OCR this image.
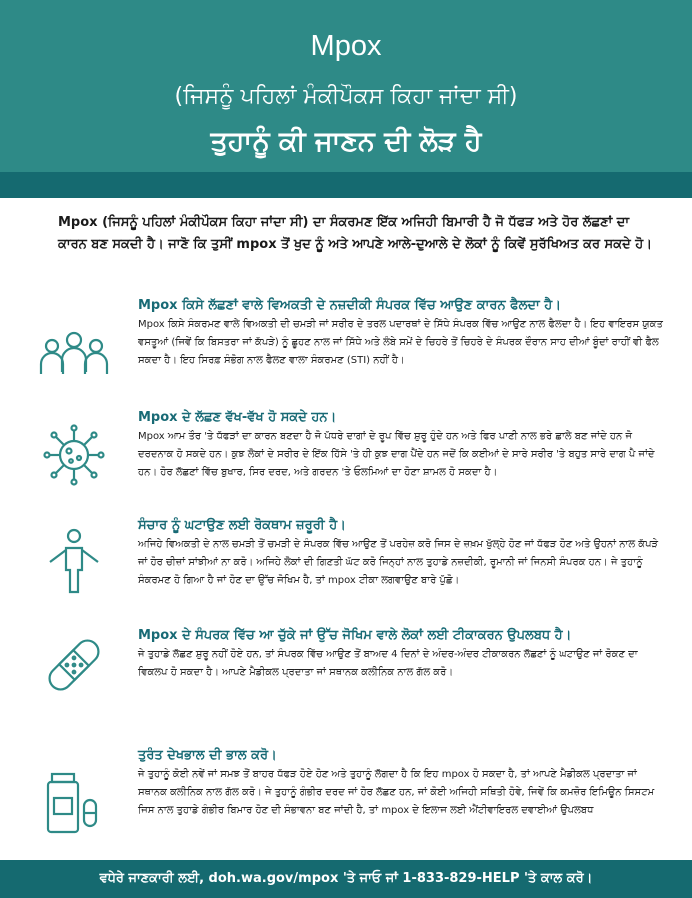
Mpox
(ਜਿਸਨੂੰ ਪਹਿਲਾਂ ਮੰਕੀਪੌਕਸ ਕਿਹਾ ਜਾਂਦਾ ਸੀ)
ਤੁਹਾਨੂੰ ਕੀ ਜਾਣਨ ਦੀ ਲੋੜ ਹੈ
Mpox (ਜਿਸਨੂੰ ਪਹਿਲਾਂ ਮੰਕੀਪੌਕਸ ਕਿਹਾ ਜਾਂਦਾ ਸੀ) ਦਾ ਸੰਕਰਮਣ ਇੱਕ ਅਜਿਹੀ ਬਿਮਾਰੀ ਹੈ ਜੋ ਧੱਫੜ ਅਤੇ ਹੋਰ ਲੱਛਣਾਂ ਦਾ ਕਾਰਨ ਬਣ ਸਕਦੀ ਹੈ। ਜਾਣੋ ਕਿ ਤੁਸੀਂ mpox ਤੋਂ ਖੁਦ ਨੂੰ ਅਤੇ ਆਪਣੇ ਆਲੇ-ਦੁਆਲੇ ਦੇ ਲੋਕਾਂ ਨੂੰ ਕਿਵੇਂ ਸੁਰੱਖਿਅਤ ਕਰ ਸਕਦੇ ਹੋ।
Mpox ਕਿਸੇ ਲੱਛਣਾਂ ਵਾਲੇ ਵਿਅਕਤੀ ਦੇ ਨਜ਼ਦੀਕੀ ਸੰਪਰਕ ਵਿੱਚ ਆਉਣ ਕਾਰਨ ਫੈਲਦਾ ਹੈ।
Mpox ਕਿਸੇ ਸੰਕਰਮਣ ਵਾਲੇ ਵਿਅਕਤੀ ਦੀ ਚਮੜੀ ਜਾਂ ਸਰੀਰ ਦੇ ਤਰਲ ਪਦਾਰਥਾਂ ਦੇ ਸਿੱਧੇ ਸੰਪਰਕ ਵਿੱਚ ਆਉਣ ਨਾਲ ਫੈਲਦਾ ਹੈ। ਇਹ ਵਾਇਰਸ ਯੁਕਤ ਵਸਤੂਆਂ (ਜਿਵੇਂ ਕਿ ਬਿਸਤਰਾ ਜਾਂ ਕੱਪੜੇ) ਨੂੰ ਛੂਹਣ ਨਾਲ ਜਾਂ ਸਿੱਧੇ ਅਤੇ ਲੰਬੇ ਸਮੇਂ ਦੇ ਚਿਹਰੇ ਤੋਂ ਚਿਹਰੇ ਦੇ ਸੰਪਰਕ ਦੌਰਾਨ ਸਾਹ ਦੀਆਂ ਬੂੰਦਾਂ ਰਾਹੀਂ ਵੀ ਫੈਲ ਸਕਦਾ ਹੈ। ਇਹ ਸਿਰਫ਼ ਸੰਭੋਗ ਨਾਲ ਫੈਲਣ ਵਾਲਾ ਸੰਕਰਮਣ (STI) ਨਹੀਂ ਹੈ।
Mpox ਦੇ ਲੱਛਣ ਵੱਖ-ਵੱਖ ਹੋ ਸਕਦੇ ਹਨ।
Mpox ਆਮ ਤੌਰ 'ਤੇ ਧੱਫੜਾਂ ਦਾ ਕਾਰਨ ਬਣਦਾ ਹੈ ਜੋ ਪੱਧਰੇ ਦਾਗਾਂ ਦੇ ਰੂਪ ਵਿੱਚ ਸ਼ੁਰੂ ਹੁੰਦੇ ਹਨ ਅਤੇ ਫਿਰ ਪਾਣੀ ਨਾਲ ਭਰੇ ਛਾਲੇ ਬਣ ਜਾਂਦੇ ਹਨ ਜੋ ਦਰਦਨਾਕ ਹੋ ਸਕਦੇ ਹਨ। ਕੁਝ ਲੋਕਾਂ ਦੇ ਸਰੀਰ ਦੇ ਇੱਕ ਹਿੱਸੇ 'ਤੇ ਹੀ ਕੁਝ ਦਾਗ ਪੈਂਦੇ ਹਨ ਜਦੋਂ ਕਿ ਕਈਆਂ ਦੇ ਸਾਰੇ ਸਰੀਰ 'ਤੇ ਬਹੁਤ ਸਾਰੇ ਦਾਗ ਪੈ ਜਾਂਦੇ ਹਨ। ਹੋਰ ਲੱਛਣਾਂ ਵਿੱਚ ਬੁਖਾਰ, ਸਿਰ ਦਰਦ, ਅਤੇ ਗਰਦਨ 'ਤੇ ਓਲਮਿਆਂ ਦਾ ਹੋਣਾ ਸ਼ਾਮਲ ਹੋ ਸਕਦਾ ਹੈ।
ਸੰਚਾਰ ਨੂੰ ਘਟਾਉਣ ਲਈ ਰੋਕਥਾਮ ਜ਼ਰੂਰੀ ਹੈ।
ਅਜਿਹੇ ਵਿਅਕਤੀ ਦੇ ਨਾਲ ਚਮੜੀ ਤੋਂ ਚਮੜੀ ਦੇ ਸੰਪਰਕ ਵਿੱਚ ਆਉਣ ਤੋਂ ਪਰਹੇਜ਼ ਕਰੋ ਜਿਸ ਦੇ ਜ਼ਖ਼ਮ ਖੁੱਲ੍ਹੇ ਹੋਣ ਜਾਂ ਧੱਫੜ ਹੋਣ ਅਤੇ ਉਹਨਾਂ ਨਾਲ ਕੱਪੜੇ ਜਾਂ ਹੋਰ ਚੀਜ਼ਾਂ ਸਾਂਝੀਆਂ ਨਾ ਕਰੋ। ਅਜਿਹੇ ਲੋਕਾਂ ਦੀ ਗਿਣਤੀ ਘੱਟ ਕਰੋ ਜਿਨ੍ਹਾਂ ਨਾਲ ਤੁਹਾਡੇ ਨਜ਼ਦੀਕੀ, ਰੂਮਾਨੀ ਜਾਂ ਜਿਨਸੀ ਸੰਪਰਕ ਹਨ। ਜੇ ਤੁਹਾਨੂੰ ਸੰਕਰਮਣ ਹੋ ਗਿਆ ਹੈ ਜਾਂ ਹੋਣ ਦਾ ਉੱਚ ਜੋਖਿਮ ਹੈ, ਤਾਂ mpox ਟੀਕਾ ਲਗਵਾਉਣ ਬਾਰੇ ਪੁੱਛੋ।
Mpox ਦੇ ਸੰਪਰਕ ਵਿੱਚ ਆ ਚੁੱਕੇ ਜਾਂ ਉੱਚ ਜੋਖਿਮ ਵਾਲੇ ਲੋਕਾਂ ਲਈ ਟੀਕਾਕਰਨ ਉਪਲਬਧ ਹੈ।
ਜੇ ਤੁਹਾਡੇ ਲੱਛਣ ਸ਼ੁਰੂ ਨਹੀਂ ਹੋਏ ਹਨ, ਤਾਂ ਸੰਪਰਕ ਵਿੱਚ ਆਉਣ ਤੋਂ ਬਾਅਦ 4 ਦਿਨਾਂ ਦੇ ਅੰਦਰ-ਅੰਦਰ ਟੀਕਾਕਰਨ ਲੱਛਣਾਂ ਨੂੰ ਘਟਾਉਣ ਜਾਂ ਰੋਕਣ ਦਾ ਵਿਕਲਪ ਹੋ ਸਕਦਾ ਹੈ। ਆਪਣੇ ਮੈਡੀਕਲ ਪ੍ਰਦਾਤਾ ਜਾਂ ਸਥਾਨਕ ਕਲੀਨਿਕ ਨਾਲ ਗੱਲ ਕਰੋ।
ਤੁਰੰਤ ਦੇਖਭਾਲ ਦੀ ਭਾਲ ਕਰੋ।
ਜੇ ਤੁਹਾਨੂੰ ਕੋਈ ਨਵੇਂ ਜਾਂ ਸਮਝ ਤੋਂ ਬਾਹਰ ਧੱਫੜ ਹੋਏ ਹੋਣ ਅਤੇ ਤੁਹਾਨੂੰ ਲੱਗਦਾ ਹੈ ਕਿ ਇਹ mpox ਹੋ ਸਕਦਾ ਹੈ, ਤਾਂ ਆਪਣੇ ਮੈਡੀਕਲ ਪ੍ਰਦਾਤਾ ਜਾਂ ਸਥਾਨਕ ਕਲੀਨਿਕ ਨਾਲ ਗੱਲ ਕਰੋ। ਜੇ ਤੁਹਾਨੂੰ ਗੰਭੀਰ ਦਰਦ ਜਾਂ ਹੋਰ ਲੱਛਣ ਹਨ, ਜਾਂ ਕੋਈ ਅਜਿਹੀ ਸਥਿਤੀ ਹੋਵੇ, ਜਿਵੇਂ ਕਿ ਕਮਜ਼ੋਰ ਇਮਿਊਨ ਸਿਸਟਮ ਜਿਸ ਨਾਲ ਤੁਹਾਡੇ ਗੰਭੀਰ ਬਿਮਾਰ ਹੋਣ ਦੀ ਸੰਭਾਵਨਾ ਬਣ ਜਾਂਦੀ ਹੈ, ਤਾਂ mpox ਦੇ ਇਲਾਜ ਲਈ ਐਂਟੀਵਾਇਰਲ ਦਵਾਈਆਂ ਉਪਲਬਧ
ਵਧੇਰੇ ਜਾਣਕਾਰੀ ਲਈ, doh.wa.gov/mpox 'ਤੇ ਜਾਓ ਜਾਂ 1-833-829-HELP 'ਤੇ ਕਾਲ ਕਰੋ।
